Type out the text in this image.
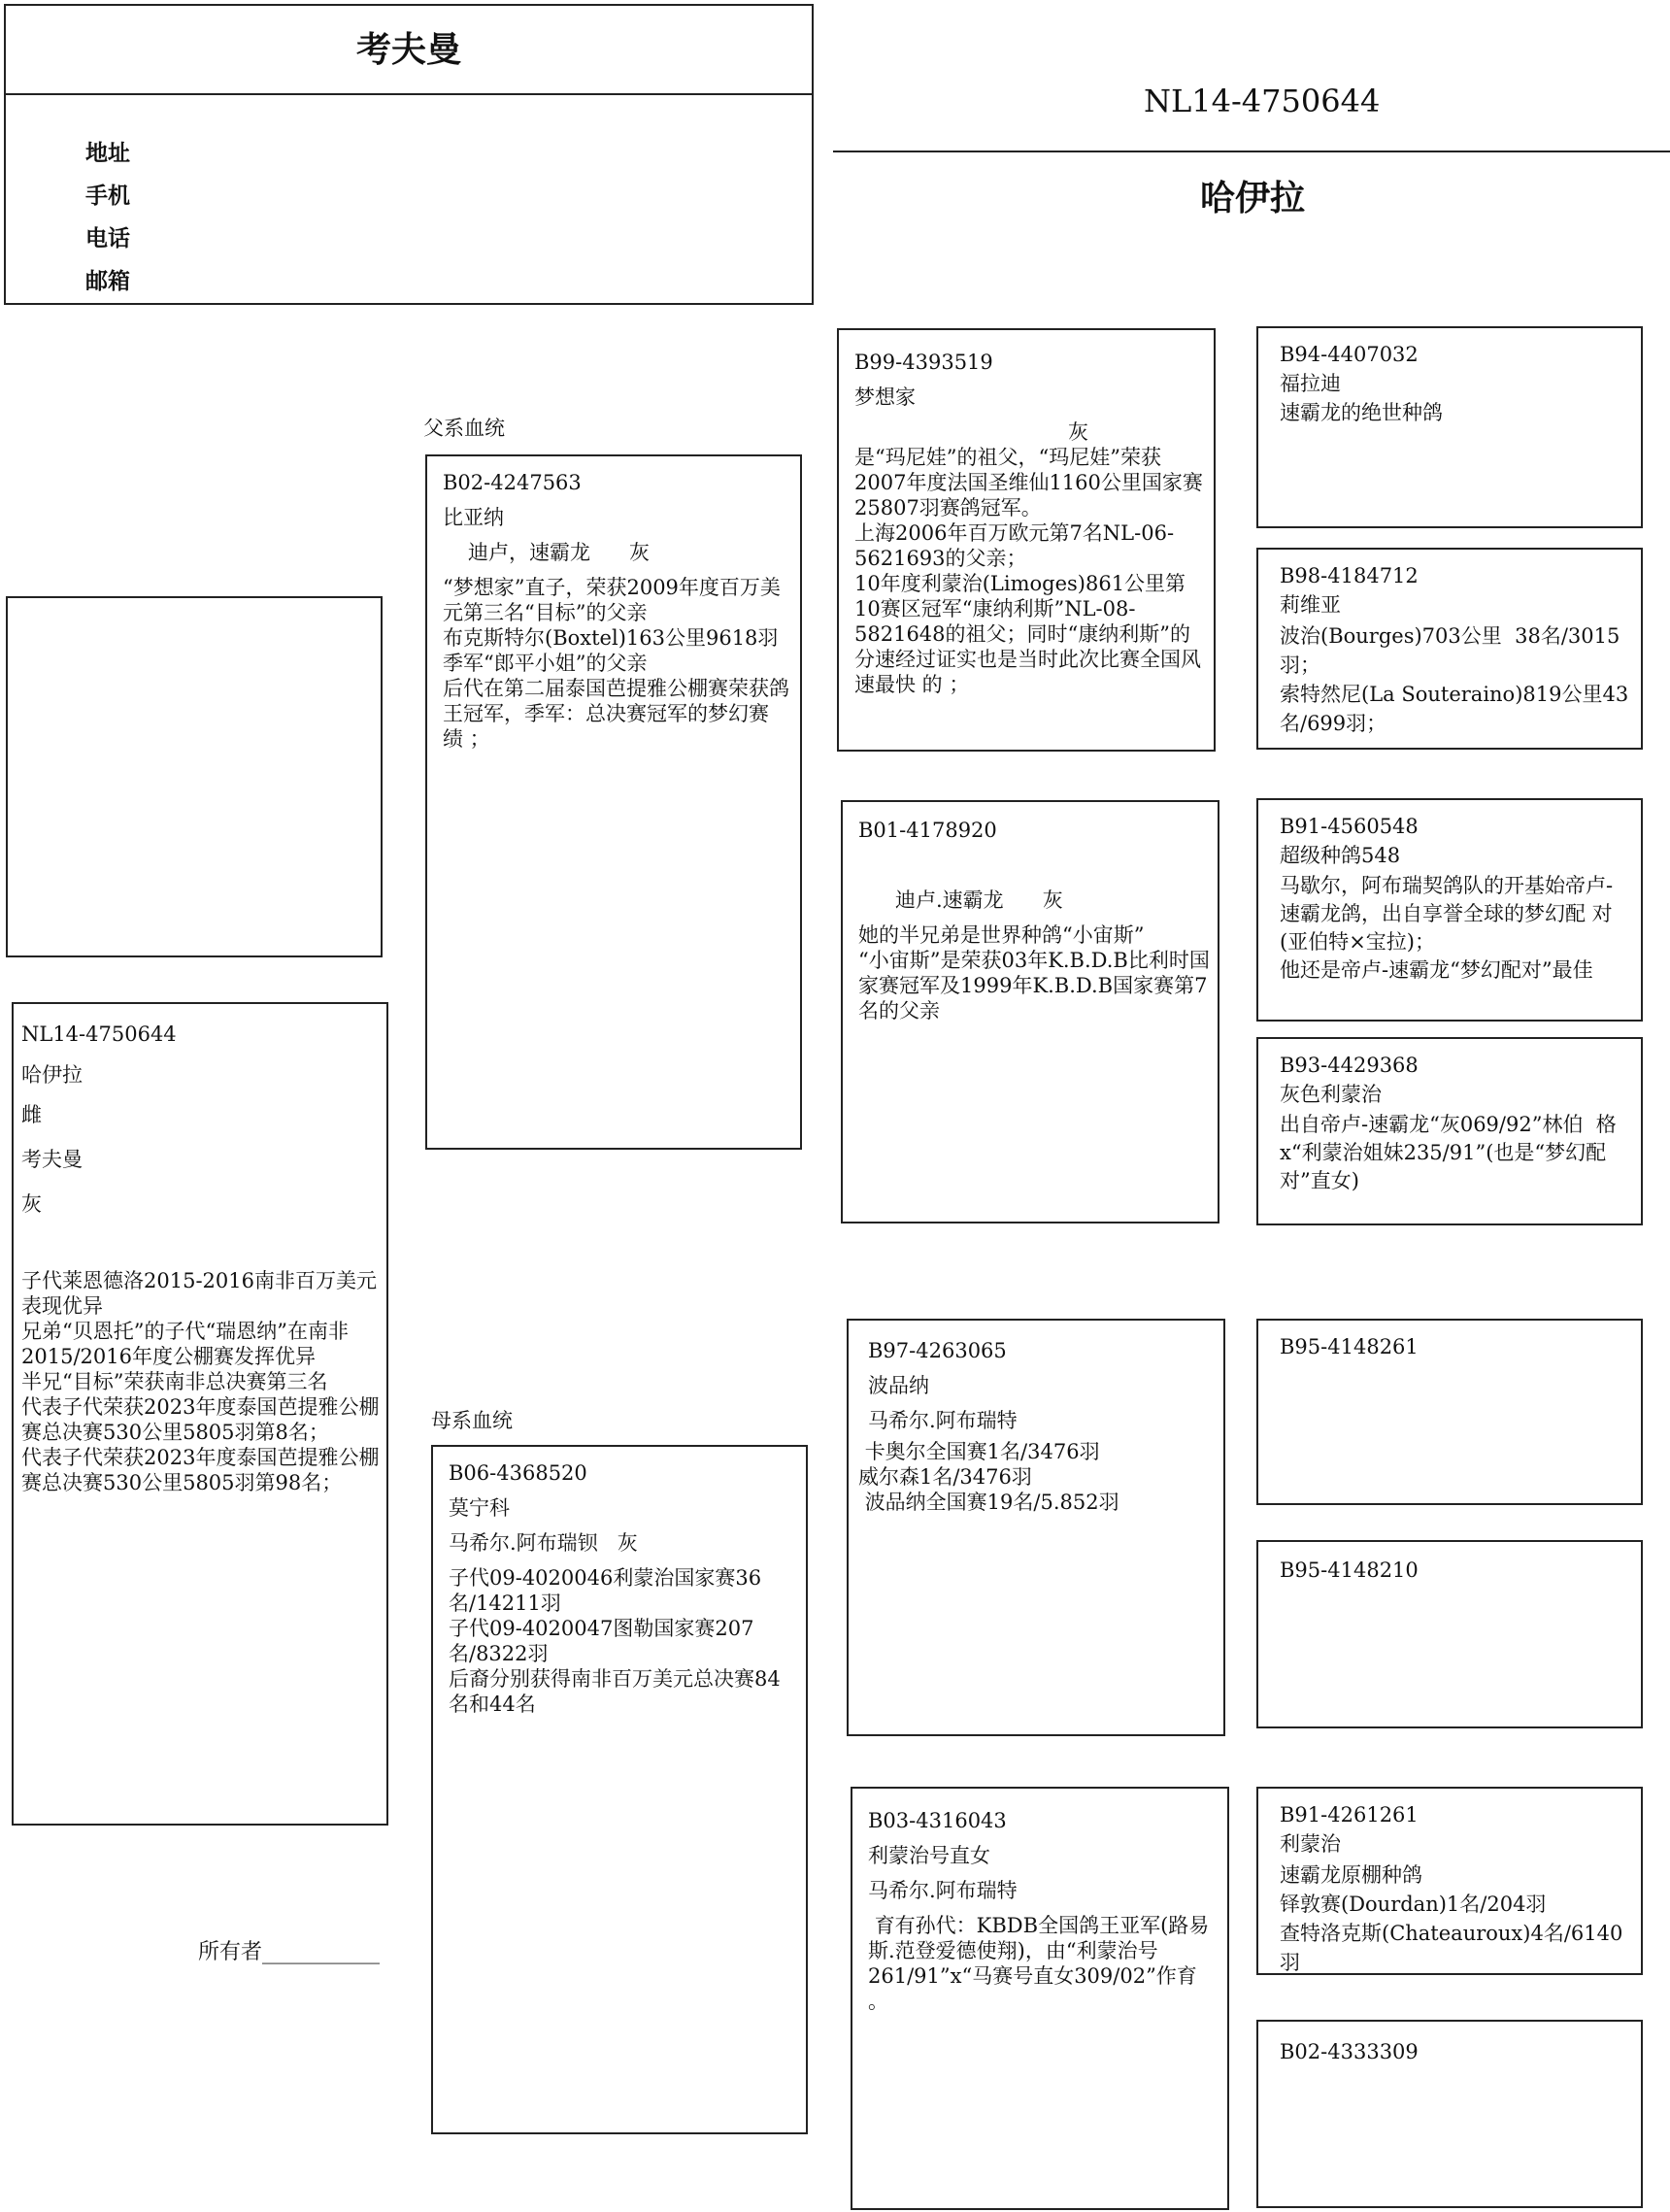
考夫曼
地址
手机
电话
邮箱
NL14-4750644
哈伊拉
NL14-4750644
哈伊拉
雌
考夫曼
灰
子代莱恩德洛2015-2016南非百万美元表现优异
兄弟“贝恩托”的子代“瑞恩纳”在南非2015/2016年度公棚赛发挥优异
半兄“目标”荣获南非总决赛第三名
代表子代荣获2023年度泰国芭提雅公棚赛总决赛530公里5805羽第8名；
代表子代荣获2023年度泰国芭提雅公棚赛总决赛530公里5805羽第98名；
所有者___________
父系血统
B02-4247563
比亚纳
迪卢，速霸龙      灰
“梦想家”直子，荣获2009年度百万美元第三名“目标”的父亲
布克斯特尔(Boxtel)163公里9618羽季军“郎平小姐”的父亲
后代在第二届泰国芭提雅公棚赛荣获鸽王冠军，季军：总决赛冠军的梦幻赛 绩 ；
母系血统
B06-4368520
莫宁科
马希尔.阿布瑞钡   灰
子代09-4020046利蒙治国家赛36名/14211羽
子代09-4020047图勒国家赛207名/8322羽
后裔分别获得南非百万美元总决赛84名和44名
B99-4393519
梦想家
灰
是“玛尼娃”的祖父，“玛尼娃”荣获2007年度法国圣维仙1160公里国家赛25807羽赛鸽冠军。
上海2006年百万欧元第7名NL-06-5621693的父亲；
10年度利蒙治(Limoges)861公里第10赛区冠军“康纳利斯”NL-08-5821648的祖父；同时“康纳利斯”的分速经过证实也是当时此次比赛全国风速最快 的 ；
B01-4178920
迪卢.速霸龙      灰
她的半兄弟是世界种鸽“小宙斯”
“小宙斯”是荣获03年K.B.D.B比利时国家赛冠军及1999年K.B.D.B国家赛第7名的父亲
B97-4263065
波品纳
马希尔.阿布瑞特
卡奥尔全国赛1名/3476羽
威尔森1名/3476羽
波品纳全国赛19名/5.852羽
B03-4316043
利蒙治号直女
马希尔.阿布瑞特
育有孙代：KBDB全国鸽王亚军(路易斯.范登爱德使翔)，由“利蒙治号261/91”x“马赛号直女309/02”作育 。
B94-4407032
福拉迪
速霸龙的绝世种鸽
B98-4184712
莉维亚
波治(Bourges)703公里  38名/3015羽；
索特然尼(La Souteraino)819公里43名/699羽；
B91-4560548
超级种鸽548
马歇尔，阿布瑞契鸽队的开基始帝卢-速霸龙鸽，出自享誉全球的梦幻配 对(亚伯特×宝拉)；
他还是帝卢-速霸龙“梦幻配对”最佳
B93-4429368
灰色利蒙治
出自帝卢-速霸龙“灰069/92”林伯  格x“利蒙治姐妹235/91”(也是“梦幻配对”直女)
B95-4148261
B95-4148210
B91-4261261
利蒙治
速霸龙原棚种鸽
铎敦赛(Dourdan)1名/204羽
查特洛克斯(Chateauroux)4名/6140羽
B02-4333309
